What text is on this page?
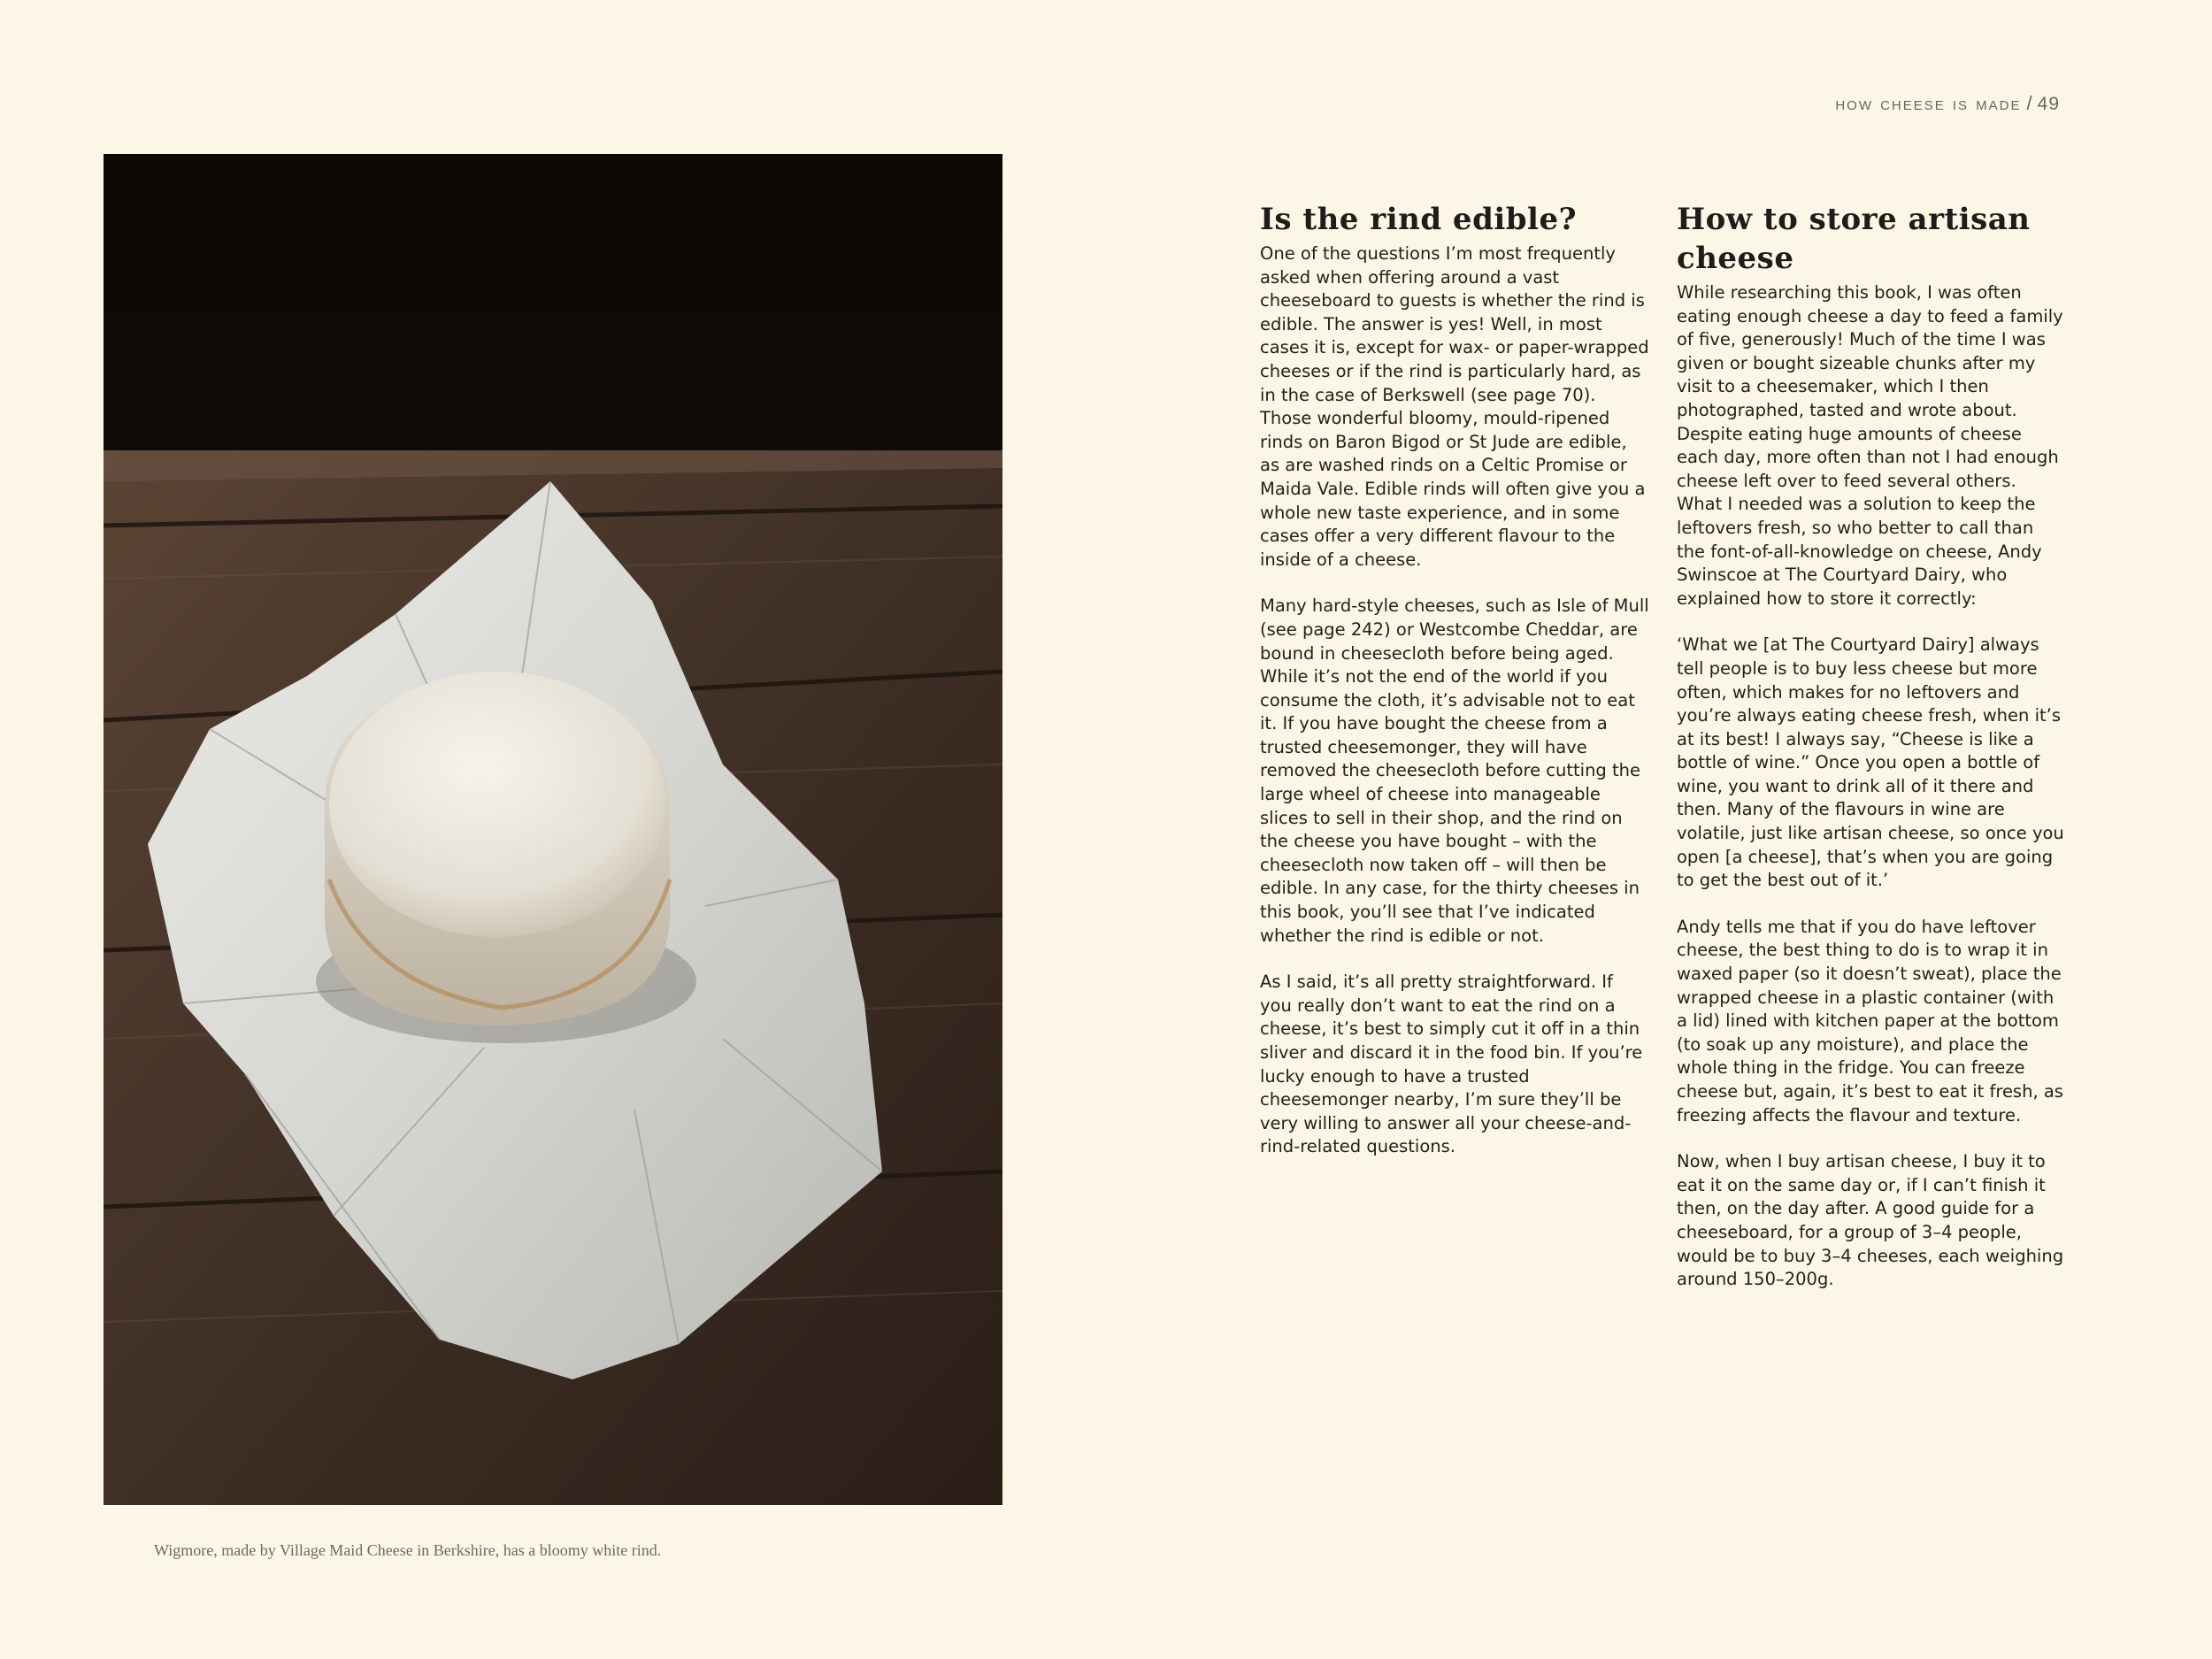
how cheese is made / 49
Wigmore, made by Village Maid Cheese in Berkshire, has a bloomy white rind.
Is the rind edible?

One of the questions I’m most frequently asked when offering around a vast cheeseboard to guests is whether the rind is edible. The answer is yes! Well, in most cases it is, except for wax- or paper-wrapped cheeses or if the rind is particularly hard, as in the case of Berkswell (see page 70). Those wonderful bloomy, mould-ripened rinds on Baron Bigod or St Jude are edible, as are washed rinds on a Celtic Promise or Maida Vale. Edible rinds will often give you a whole new taste experience, and in some cases offer a very different flavour to the inside of a cheese.

Many hard-style cheeses, such as Isle of Mull (see page 242) or Westcombe Cheddar, are bound in cheesecloth before being aged. While it’s not the end of the world if you consume the cloth, it’s advisable not to eat it. If you have bought the cheese from a trusted cheesemonger, they will have removed the cheesecloth before cutting the large wheel of cheese into manageable slices to sell in their shop, and the rind on the cheese you have bought – with the cheesecloth now taken off – will then be edible. In any case, for the thirty cheeses in this book, you’ll see that I’ve indicated whether the rind is edible or not.

As I said, it’s all pretty straightforward. If you really don’t want to eat the rind on a cheese, it’s best to simply cut it off in a thin sliver and discard it in the food bin. If you’re lucky enough to have a trusted cheesemonger nearby, I’m sure they’ll be very willing to answer all your cheese-and-rind-related questions.

How to store artisan cheese

While researching this book, I was often eating enough cheese a day to feed a family of five, generously! Much of the time I was given or bought sizeable chunks after my visit to a cheesemaker, which I then photographed, tasted and wrote about. Despite eating huge amounts of cheese each day, more often than not I had enough cheese left over to feed several others. What I needed was a solution to keep the leftovers fresh, so who better to call than the font-of-all-knowledge on cheese, Andy Swinscoe at The Courtyard Dairy, who explained how to store it correctly:

‘What we [at The Courtyard Dairy] always tell people is to buy less cheese but more often, which makes for no leftovers and you’re always eating cheese fresh, when it’s at its best! I always say, “Cheese is like a bottle of wine.” Once you open a bottle of wine, you want to drink all of it there and then. Many of the flavours in wine are volatile, just like artisan cheese, so once you open [a cheese], that’s when you are going to get the best out of it.’

Andy tells me that if you do have leftover cheese, the best thing to do is to wrap it in waxed paper (so it doesn’t sweat), place the wrapped cheese in a plastic container (with a lid) lined with kitchen paper at the bottom (to soak up any moisture), and place the whole thing in the fridge. You can freeze cheese but, again, it’s best to eat it fresh, as freezing affects the flavour and texture.

Now, when I buy artisan cheese, I buy it to eat it on the same day or, if I can’t finish it then, on the day after. A good guide for a cheeseboard, for a group of 3–4 people, would be to buy 3–4 cheeses, each weighing around 150–200g.
